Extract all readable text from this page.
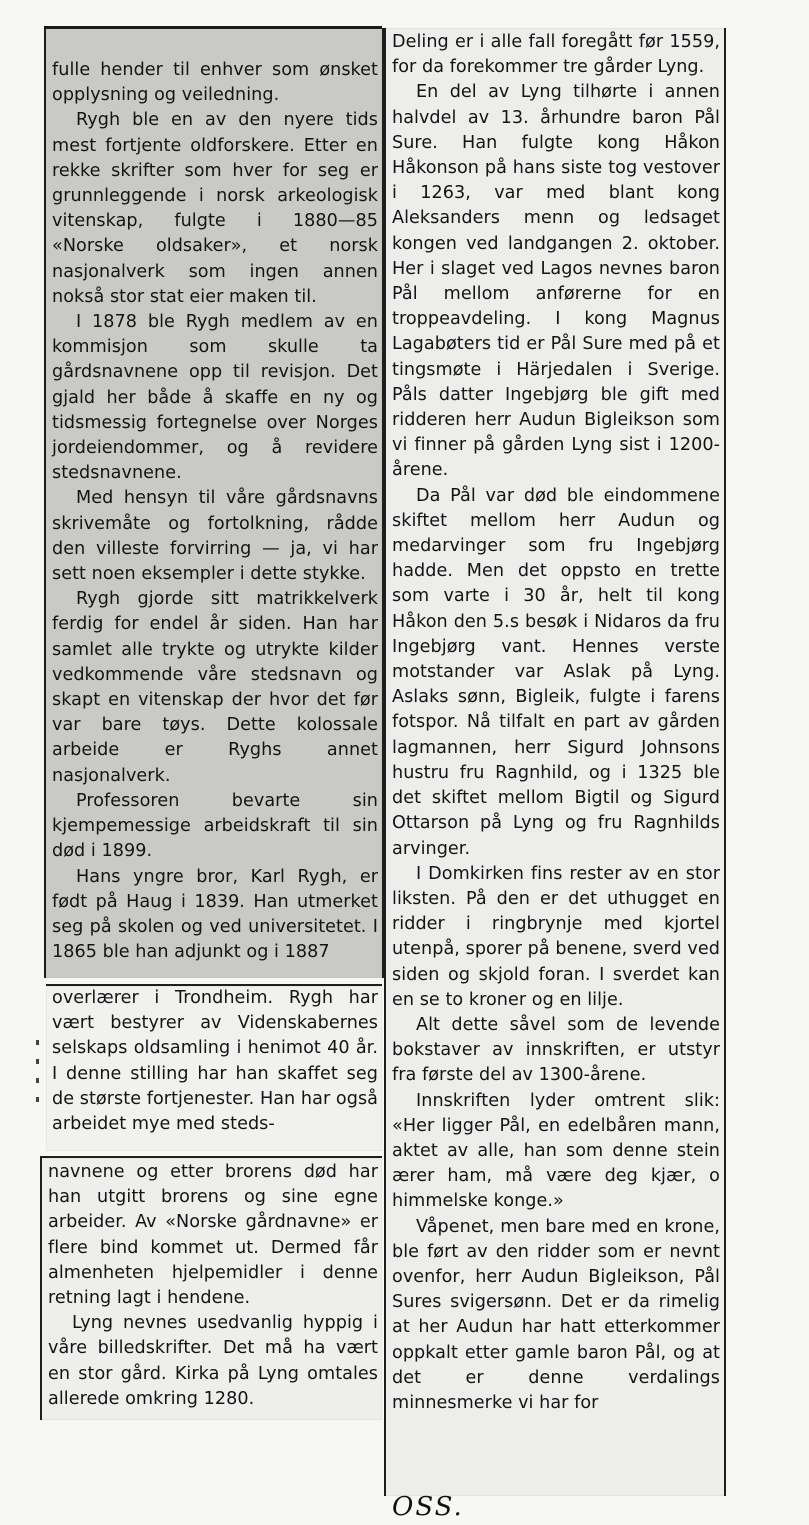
fulle hender til enhver som ønsket opplysning og veiledning.

Rygh ble en av den nyere tids mest fortjente oldforskere. Etter en rekke skrifter som hver for seg er grunnleggende i norsk arkeologisk vitenskap, fulgte i 1880—85 «Norske oldsaker», et norsk nasjonalverk som ingen annen nokså stor stat eier maken til.

I 1878 ble Rygh medlem av en kommisjon som skulle ta gårdsnavnene opp til revisjon. Det gjald her både å skaffe en ny og tidsmessig fortegnelse over Norges jordeiendommer, og å revidere stedsnavnene.

Med hensyn til våre gårdsnavns skrivemåte og fortolkning, rådde den villeste forvirring — ja, vi har sett noen eksempler i dette stykke.

Rygh gjorde sitt matrikkelverk ferdig for endel år siden. Han har samlet alle trykte og utrykte kilder vedkommende våre stedsnavn og skapt en vitenskap der hvor det før var bare tøys. Dette kolossale arbeide er Ryghs annet nasjonalverk.

Professoren bevarte sin kjempemessige arbeidskraft til sin død i 1899.

Hans yngre bror, Karl Rygh, er født på Haug i 1839. Han utmerket seg på skolen og ved universitetet. I 1865 ble han adjunkt og i 1887

overlærer i Trondheim. Rygh har vært bestyrer av Videnskabernes selskaps oldsamling i henimot 40 år. I denne stilling har han skaffet seg de største fortjenester. Han har også arbeidet mye med steds-

navnene og etter brorens død har han utgitt brorens og sine egne arbeider. Av «Norske gårdnavne» er flere bind kommet ut. Dermed får almenheten hjelpemidler i denne retning lagt i hendene.

Lyng nevnes usedvanlig hyppig i våre billedskrifter. Det må ha vært en stor gård. Kirka på Lyng omtales allerede omkring 1280.

Deling er i alle fall foregått før 1559, for da forekommer tre gårder Lyng.

En del av Lyng tilhørte i annen halvdel av 13. århundre baron Pål Sure. Han fulgte kong Håkon Håkonson på hans siste tog vestover i 1263, var med blant kong Aleksanders menn og ledsaget kongen ved landgangen 2. oktober. Her i slaget ved Lagos nevnes baron Pål mellom anførerne for en troppeavdeling. I kong Magnus Lagabøters tid er Pål Sure med på et tingsmøte i Härjedalen i Sverige. Påls datter Ingebjørg ble gift med ridderen herr Audun Bigleikson som vi finner på gården Lyng sist i 1200-årene.

Da Pål var død ble eindommene skiftet mellom herr Audun og medarvinger som fru Ingebjørg hadde. Men det oppsto en trette som varte i 30 år, helt til kong Håkon den 5.s besøk i Nidaros da fru Ingebjørg vant. Hennes verste motstander var Aslak på Lyng. Aslaks sønn, Bigleik, fulgte i farens fotspor. Nå tilfalt en part av gården lagmannen, herr Sigurd Johnsons hustru fru Ragnhild, og i 1325 ble det skiftet mellom Bigtil og Sigurd Ottarson på Lyng og fru Ragnhilds arvinger.

I Domkirken fins rester av en stor liksten. På den er det uthugget en ridder i ringbrynje med kjortel utenpå, sporer på benene, sverd ved siden og skjold foran. I sverdet kan en se to kroner og en lilje.

Alt dette såvel som de levende bokstaver av innskriften, er utstyr fra første del av 1300-årene.

Innskriften lyder omtrent slik: «Her ligger Pål, en edelbåren mann, aktet av alle, han som denne stein ærer ham, må være deg kjær, o himmelske konge.»

Våpenet, men bare med en krone, ble ført av den ridder som er nevnt ovenfor, herr Audun Bigleikson, Pål Sures svigersønn. Det er da rimelig at her Audun har hatt etterkommer oppkalt etter gamle baron Pål, og at det er denne verdalings minnesmerke vi har for

OSS.
